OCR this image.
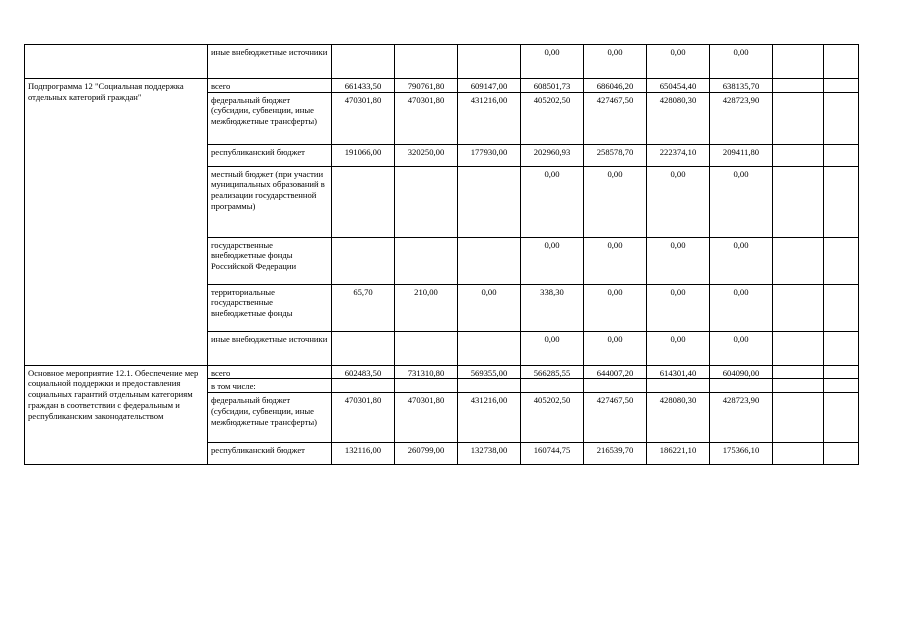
	иные внебюджетные источники				0,00	0,00	0,00	0,00		
Подпрограмма 12 "Социальная поддержка отдельных категорий граждан"	всего	661433,50	790761,80	609147,00	608501,73	686046,20	650454,40	638135,70		
	федеральный бюджет (субсидии, субвенции, иные межбюджетные трансферты)	470301,80	470301,80	431216,00	405202,50	427467,50	428080,30	428723,90		
	республиканский бюджет	191066,00	320250,00	177930,00	202960,93	258578,70	222374,10	209411,80		
	местный бюджет (при участии муниципальных образований в реализации государственной программы)				0,00	0,00	0,00	0,00		
	государственные внебюджетные фонды Российской Федерации				0,00	0,00	0,00	0,00		
	территориальные государственные внебюджетные фонды	65,70	210,00	0,00	338,30	0,00	0,00	0,00		
	иные внебюджетные источники				0,00	0,00	0,00	0,00		
Основное мероприятие 12.1. Обеспечение мер социальной поддержки и предоставления социальных гарантий отдельным категориям граждан в соответствии с федеральным и республиканским законодательством	всего	602483,50	731310,80	569355,00	566285,55	644007,20	614301,40	604090,00		
	в том числе:									
	федеральный бюджет (субсидии, субвенции, иные межбюджетные трансферты)	470301,80	470301,80	431216,00	405202,50	427467,50	428080,30	428723,90		
	республиканский бюджет	132116,00	260799,00	132738,00	160744,75	216539,70	186221,10	175366,10		
